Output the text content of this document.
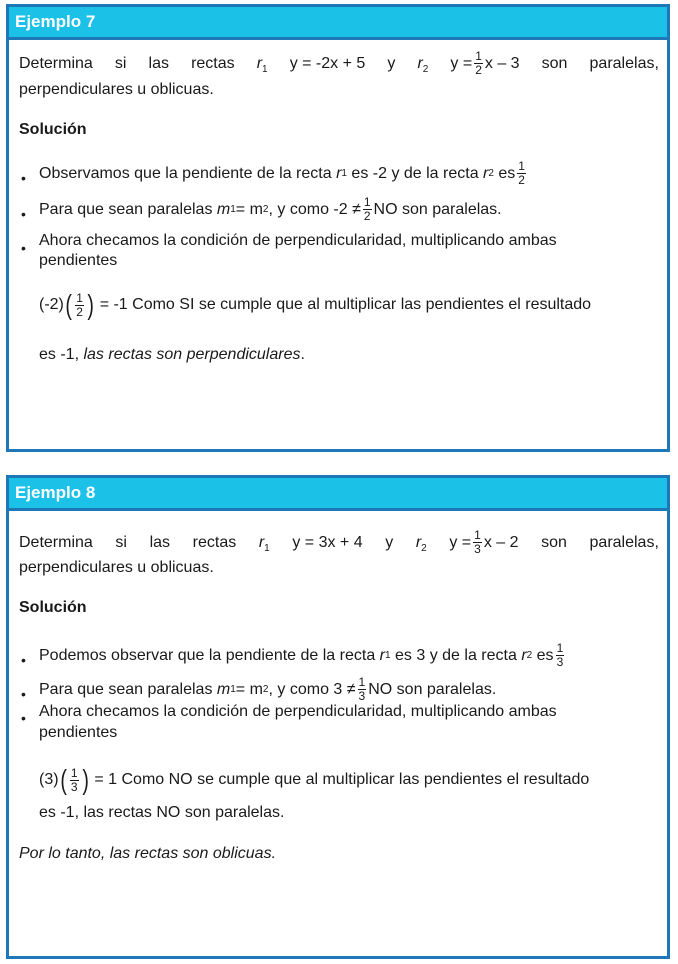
Ejemplo 7
Determina si las rectas $r_1$ y = -2x + 5 y $r_2$ $y = \frac{1}{2}$ x – 3 son paralelas,
perpendiculares u oblicuas.
Solución
• Observamos que la pendiente de la recta
r 1
es -2 y de la recta
r 2
es $\frac{1}{2}$
• Para que sean paralelas
m 1 = m 2 ,
y como $-2 \ne \frac{1}{2}$ NO son paralelas.
• Ahora checamos la condición de perpendicularidad, multiplicando ambas
pendientes
(-2) ( $\frac{1}{2}$ )
= -1 Como SI se cumple que al multiplicar las pendientes el resultado
es -1, las rectas son perpendiculares.
Ejemplo 8
Determina si las rectas $r_1$ y = 3x + 4 y $r_2$ $y = \frac{1}{3}$ x – 2 son paralelas,
perpendiculares u oblicuas.
Solución
• Podemos observar que la pendiente de la recta
r 1
es 3 y de la recta
r 2
es $\frac{1}{3}$
• Para que sean paralelas
m 1 = m 2 ,
y como $3 \ne \frac{1}{3}$ NO son paralelas.
• Ahora checamos la condición de perpendicularidad, multiplicando ambas
pendientes
(3) ( $\frac{1}{3}$ )
= 1 Como NO se cumple que al multiplicar las pendientes el resultado
es -1, las rectas NO son paralelas.
Por lo tanto, las rectas son oblicuas.
